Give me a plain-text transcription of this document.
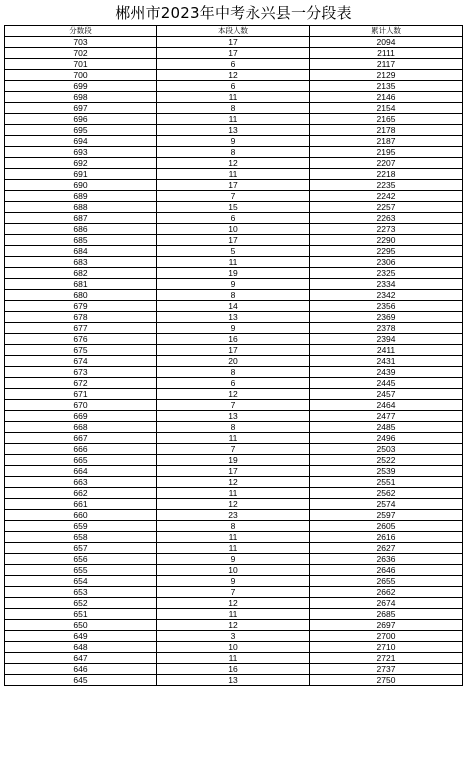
郴州市2023年中考永兴县一分段表
分数段	本段人数	累计人数
703	17	2094
702	17	2111
701	6	2117
700	12	2129
699	6	2135
698	11	2146
697	8	2154
696	11	2165
695	13	2178
694	9	2187
693	8	2195
692	12	2207
691	11	2218
690	17	2235
689	7	2242
688	15	2257
687	6	2263
686	10	2273
685	17	2290
684	5	2295
683	11	2306
682	19	2325
681	9	2334
680	8	2342
679	14	2356
678	13	2369
677	9	2378
676	16	2394
675	17	2411
674	20	2431
673	8	2439
672	6	2445
671	12	2457
670	7	2464
669	13	2477
668	8	2485
667	11	2496
666	7	2503
665	19	2522
664	17	2539
663	12	2551
662	11	2562
661	12	2574
660	23	2597
659	8	2605
658	11	2616
657	11	2627
656	9	2636
655	10	2646
654	9	2655
653	7	2662
652	12	2674
651	11	2685
650	12	2697
649	3	2700
648	10	2710
647	11	2721
646	16	2737
645	13	2750
